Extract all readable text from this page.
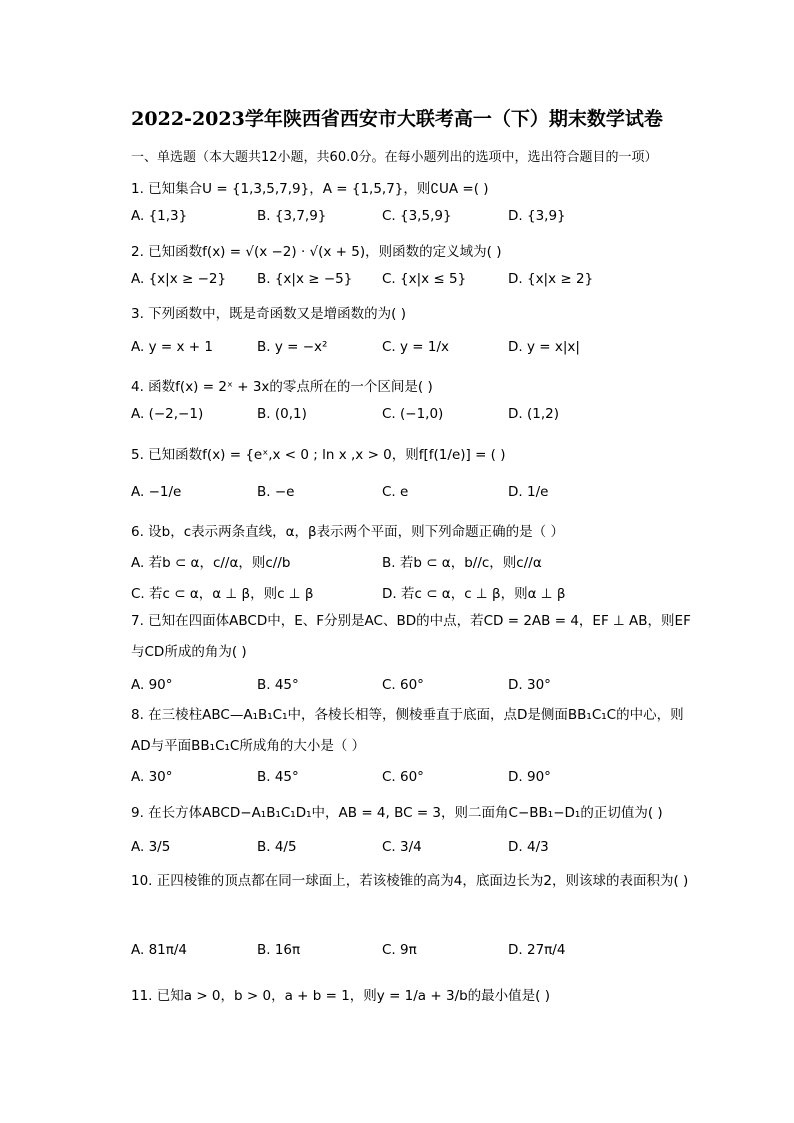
2022-2023学年陕西省西安市大联考高一（下）期末数学试卷
一、单选题（本大题共12小题，共60.0分。在每小题列出的选项中，选出符合题目的一项）
1. 已知集合U = {1,3,5,7,9}，A = {1,5,7}，则∁UA =( )
A. {1,3}	B. {3,7,9}	C. {3,5,9}	D. {3,9}
2. 已知函数f(x) = √(x −2) · √(x + 5)，则函数的定义域为( )
A. {x|x ≥ −2} B. {x|x ≥ −5} C. {x|x ≤ 5}	D. {x|x ≥ 2}
3. 下列函数中，既是奇函数又是增函数的为( )
A. y = x + 1	B. y = −x²	C. y = 1/x	D. y = x|x|
4. 函数f(x) = 2ˣ + 3x的零点所在的一个区间是( )
A. (−2,−1)	B. (0,1)	C. (−1,0)	D. (1,2)
5. 已知函数f(x) = {eˣ,x < 0 ; ln x ,x > 0，则f[f(1/e)] = ( )
A. −1/e	B. −e	C. e	D. 1/e
6. 设b，c表示两条直线，α，β表示两个平面，则下列命题正确的是（ ）
A. 若b ⊂ α，c//α，则c//b	B. 若b ⊂ α，b//c，则c//α
C. 若c ⊂ α，α ⊥ β，则c ⊥ β	D. 若c ⊂ α，c ⊥ β，则α ⊥ β
7. 已知在四面体ABCD中，E、F分别是AC、BD的中点，若CD = 2AB = 4，EF ⊥ AB，则EF与CD所成的角为( )
A. 90°	B. 45°	C. 60°	D. 30°
8. 在三棱柱ABC—A₁B₁C₁中，各棱长相等，侧棱垂直于底面，点D是侧面BB₁C₁C的中心，则AD与平面BB₁C₁C所成角的大小是（ ）
A. 30°	B. 45°	C. 60°	D. 90°
9. 在长方体ABCD−A₁B₁C₁D₁中，AB = 4, BC = 3，则二面角C−BB₁−D₁的正切值为( )
A. 3/5	B. 4/5	C. 3/4	D. 4/3
10. 正四棱锥的顶点都在同一球面上，若该棱锥的高为4，底面边长为2，则该球的表面积为( )
A. 81π/4	B. 16π	C. 9π	D. 27π/4
11. 已知a > 0，b > 0，a + b = 1，则y = 1/a + 3/b的最小值是( )
